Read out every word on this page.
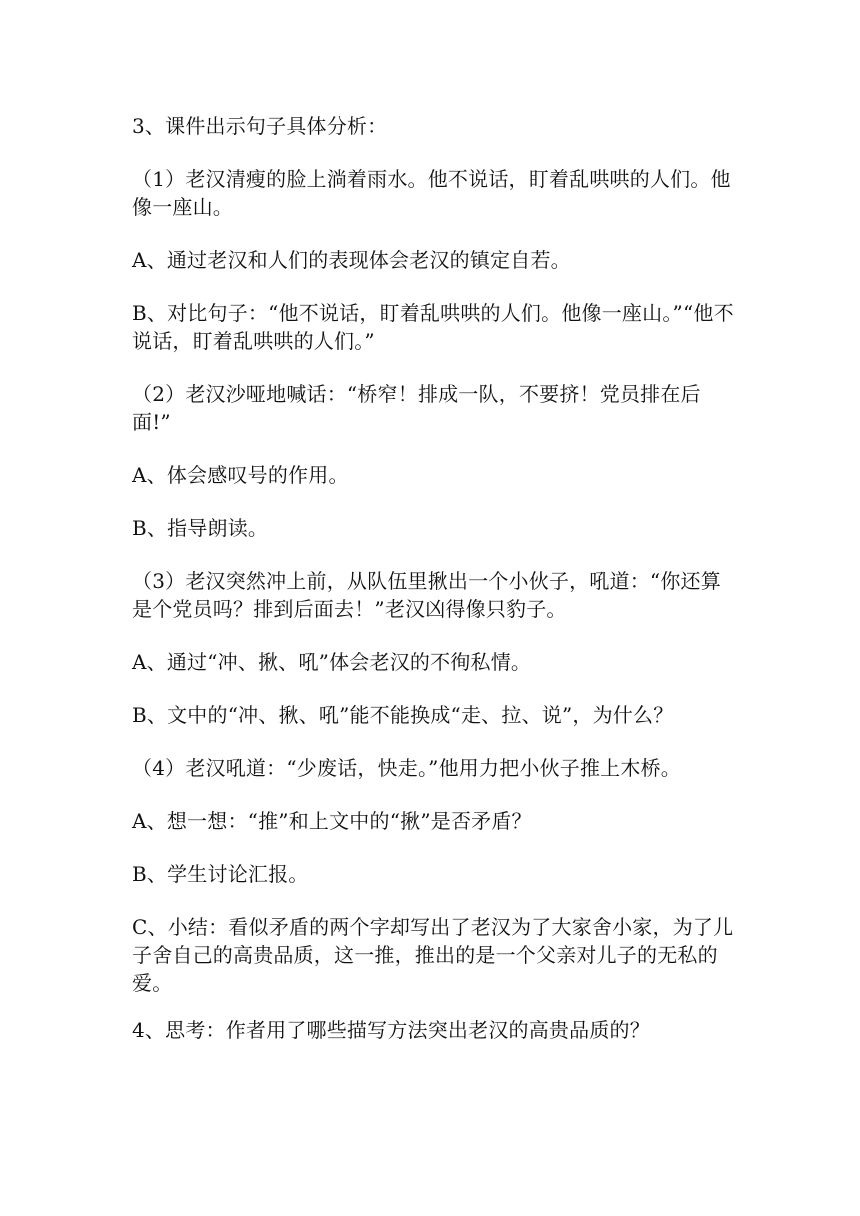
3、课件出示句子具体分析：

（1）老汉清瘦的脸上淌着雨水。他不说话，盯着乱哄哄的人们。他像一座山。

A、通过老汉和人们的表现体会老汉的镇定自若。

B、对比句子：“他不说话，盯着乱哄哄的人们。他像一座山。”“他不说话，盯着乱哄哄的人们。”

（2）老汉沙哑地喊话：“桥窄！排成一队，不要挤！党员排在后面!”

A、体会感叹号的作用。

B、指导朗读。

（3）老汉突然冲上前，从队伍里揪出一个小伙子，吼道：“你还算是个党员吗？排到后面去！”老汉凶得像只豹子。

A、通过“冲、揪、吼”体会老汉的不徇私情。

B、文中的“冲、揪、吼”能不能换成“走、拉、说”，为什么？

（4）老汉吼道：“少废话，快走。”他用力把小伙子推上木桥。

A、想一想：“推”和上文中的“揪”是否矛盾？

B、学生讨论汇报。

C、小结：看似矛盾的两个字却写出了老汉为了大家舍小家，为了儿子舍自己的高贵品质，这一推，推出的是一个父亲对儿子的无私的爱。

4、思考：作者用了哪些描写方法突出老汉的高贵品质的？
